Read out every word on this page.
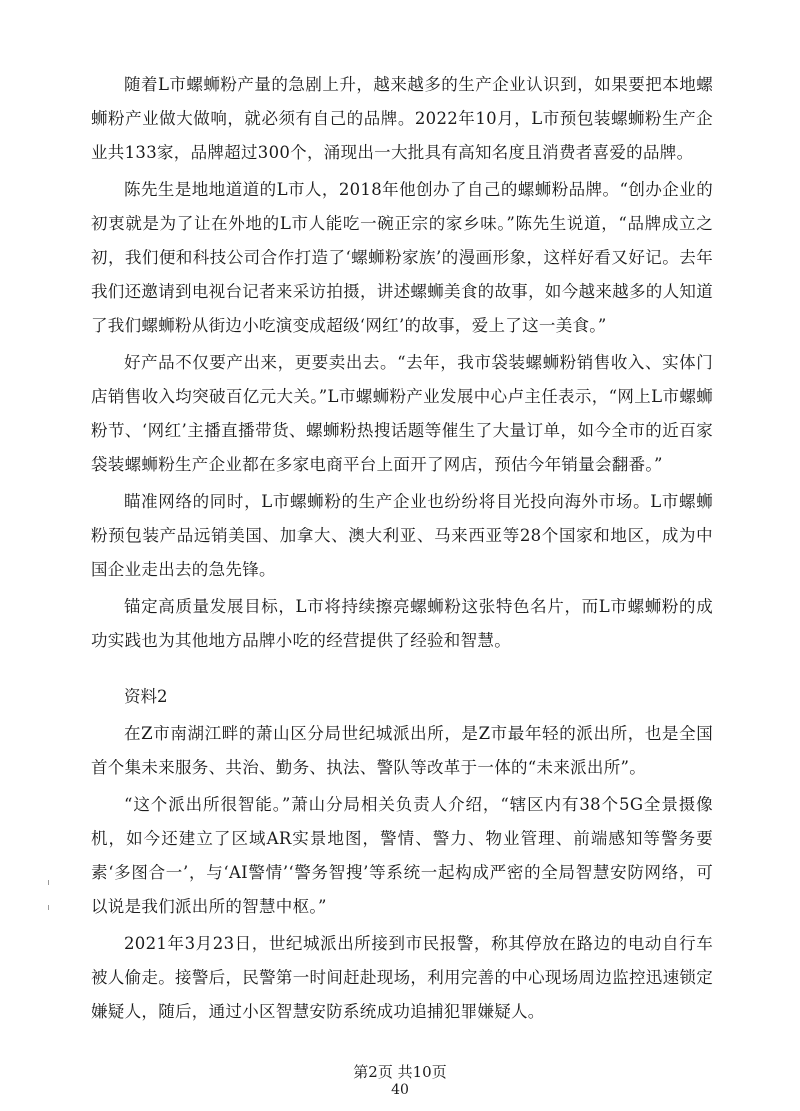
随着L市螺蛳粉产量的急剧上升，越来越多的生产企业认识到，如果要把本地螺蛳粉产业做大做响，就必须有自己的品牌。2022年10月，L市预包装螺蛳粉生产企业共133家，品牌超过300个，涌现出一大批具有高知名度且消费者喜爱的品牌。

陈先生是地地道道的L市人，2018年他创办了自己的螺蛳粉品牌。“创办企业的初衷就是为了让在外地的L市人能吃一碗正宗的家乡味。”陈先生说道，“品牌成立之初，我们便和科技公司合作打造了‘螺蛳粉家族’的漫画形象，这样好看又好记。去年我们还邀请到电视台记者来采访拍摄，讲述螺蛳美食的故事，如今越来越多的人知道了我们螺蛳粉从街边小吃演变成超级‘网红’的故事，爱上了这一美食。”

好产品不仅要产出来，更要卖出去。“去年，我市袋装螺蛳粉销售收入、实体门店销售收入均突破百亿元大关。”L市螺蛳粉产业发展中心卢主任表示，“网上L市螺蛳粉节、‘网红’主播直播带货、螺蛳粉热搜话题等催生了大量订单，如今全市的近百家袋装螺蛳粉生产企业都在多家电商平台上面开了网店，预估今年销量会翻番。”

瞄准网络的同时，L市螺蛳粉的生产企业也纷纷将目光投向海外市场。L市螺蛳粉预包装产品远销美国、加拿大、澳大利亚、马来西亚等28个国家和地区，成为中国企业走出去的急先锋。

锚定高质量发展目标，L市将持续擦亮螺蛳粉这张特色名片，而L市螺蛳粉的成功实践也为其他地方品牌小吃的经营提供了经验和智慧。

资料2

在Z市南湖江畔的萧山区分局世纪城派出所，是Z市最年轻的派出所，也是全国首个集未来服务、共治、勤务、执法、警队等改革于一体的“未来派出所”。

“这个派出所很智能。”萧山分局相关负责人介绍，“辖区内有38个5G全景摄像机，如今还建立了区域AR实景地图，警情、警力、物业管理、前端感知等警务要素‘多图合一’，与‘AI警情’‘警务智搜’等系统一起构成严密的全局智慧安防网络，可以说是我们派出所的智慧中枢。”

2021年3月23日，世纪城派出所接到市民报警，称其停放在路边的电动自行车被人偷走。接警后，民警第一时间赶赴现场，利用完善的中心现场周边监控迅速锁定嫌疑人，随后，通过小区智慧安防系统成功追捕犯罪嫌疑人。

第2页 共10页
40
